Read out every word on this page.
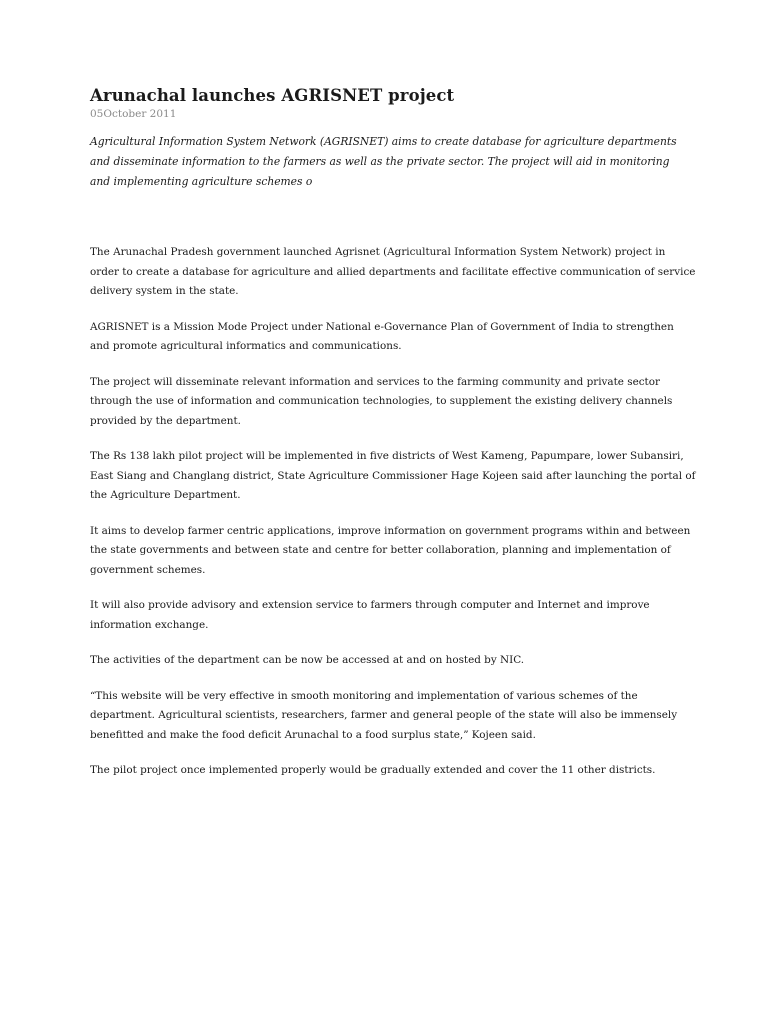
Arunachal launches AGRISNET project
05October 2011

Agricultural Information System Network (AGRISNET) aims to create database for agriculture departments and disseminate information to the farmers as well as the private sector. The project will aid in monitoring and implementing agriculture schemes o

The Arunachal Pradesh government launched Agrisnet (Agricultural Information System Network) project in order to create a database for agriculture and allied departments and facilitate effective communication of service delivery system in the state.

AGRISNET is a Mission Mode Project under National e-Governance Plan of Government of India to strengthen and promote agricultural informatics and communications.

The project will disseminate relevant information and services to the farming community and private sector through the use of information and communication technologies, to supplement the existing delivery channels provided by the department.

The Rs 138 lakh pilot project will be implemented in five districts of West Kameng, Papumpare, lower Subansiri, East Siang and Changlang district, State Agriculture Commissioner Hage Kojeen said after launching the portal of the Agriculture Department.

It aims to develop farmer centric applications, improve information on government programs within and between the state governments and between state and centre for better collaboration, planning and implementation of government schemes.

It will also provide advisory and extension service to farmers through computer and Internet and improve information exchange.

The activities of the department can be now be accessed at and on hosted by NIC.

“This website will be very effective in smooth monitoring and implementation of various schemes of the department. Agricultural scientists, researchers, farmer and general people of the state will also be immensely benefitted and make the food deficit Arunachal to a food surplus state,” Kojeen said.

The pilot project once implemented properly would be gradually extended and cover the 11 other districts.
